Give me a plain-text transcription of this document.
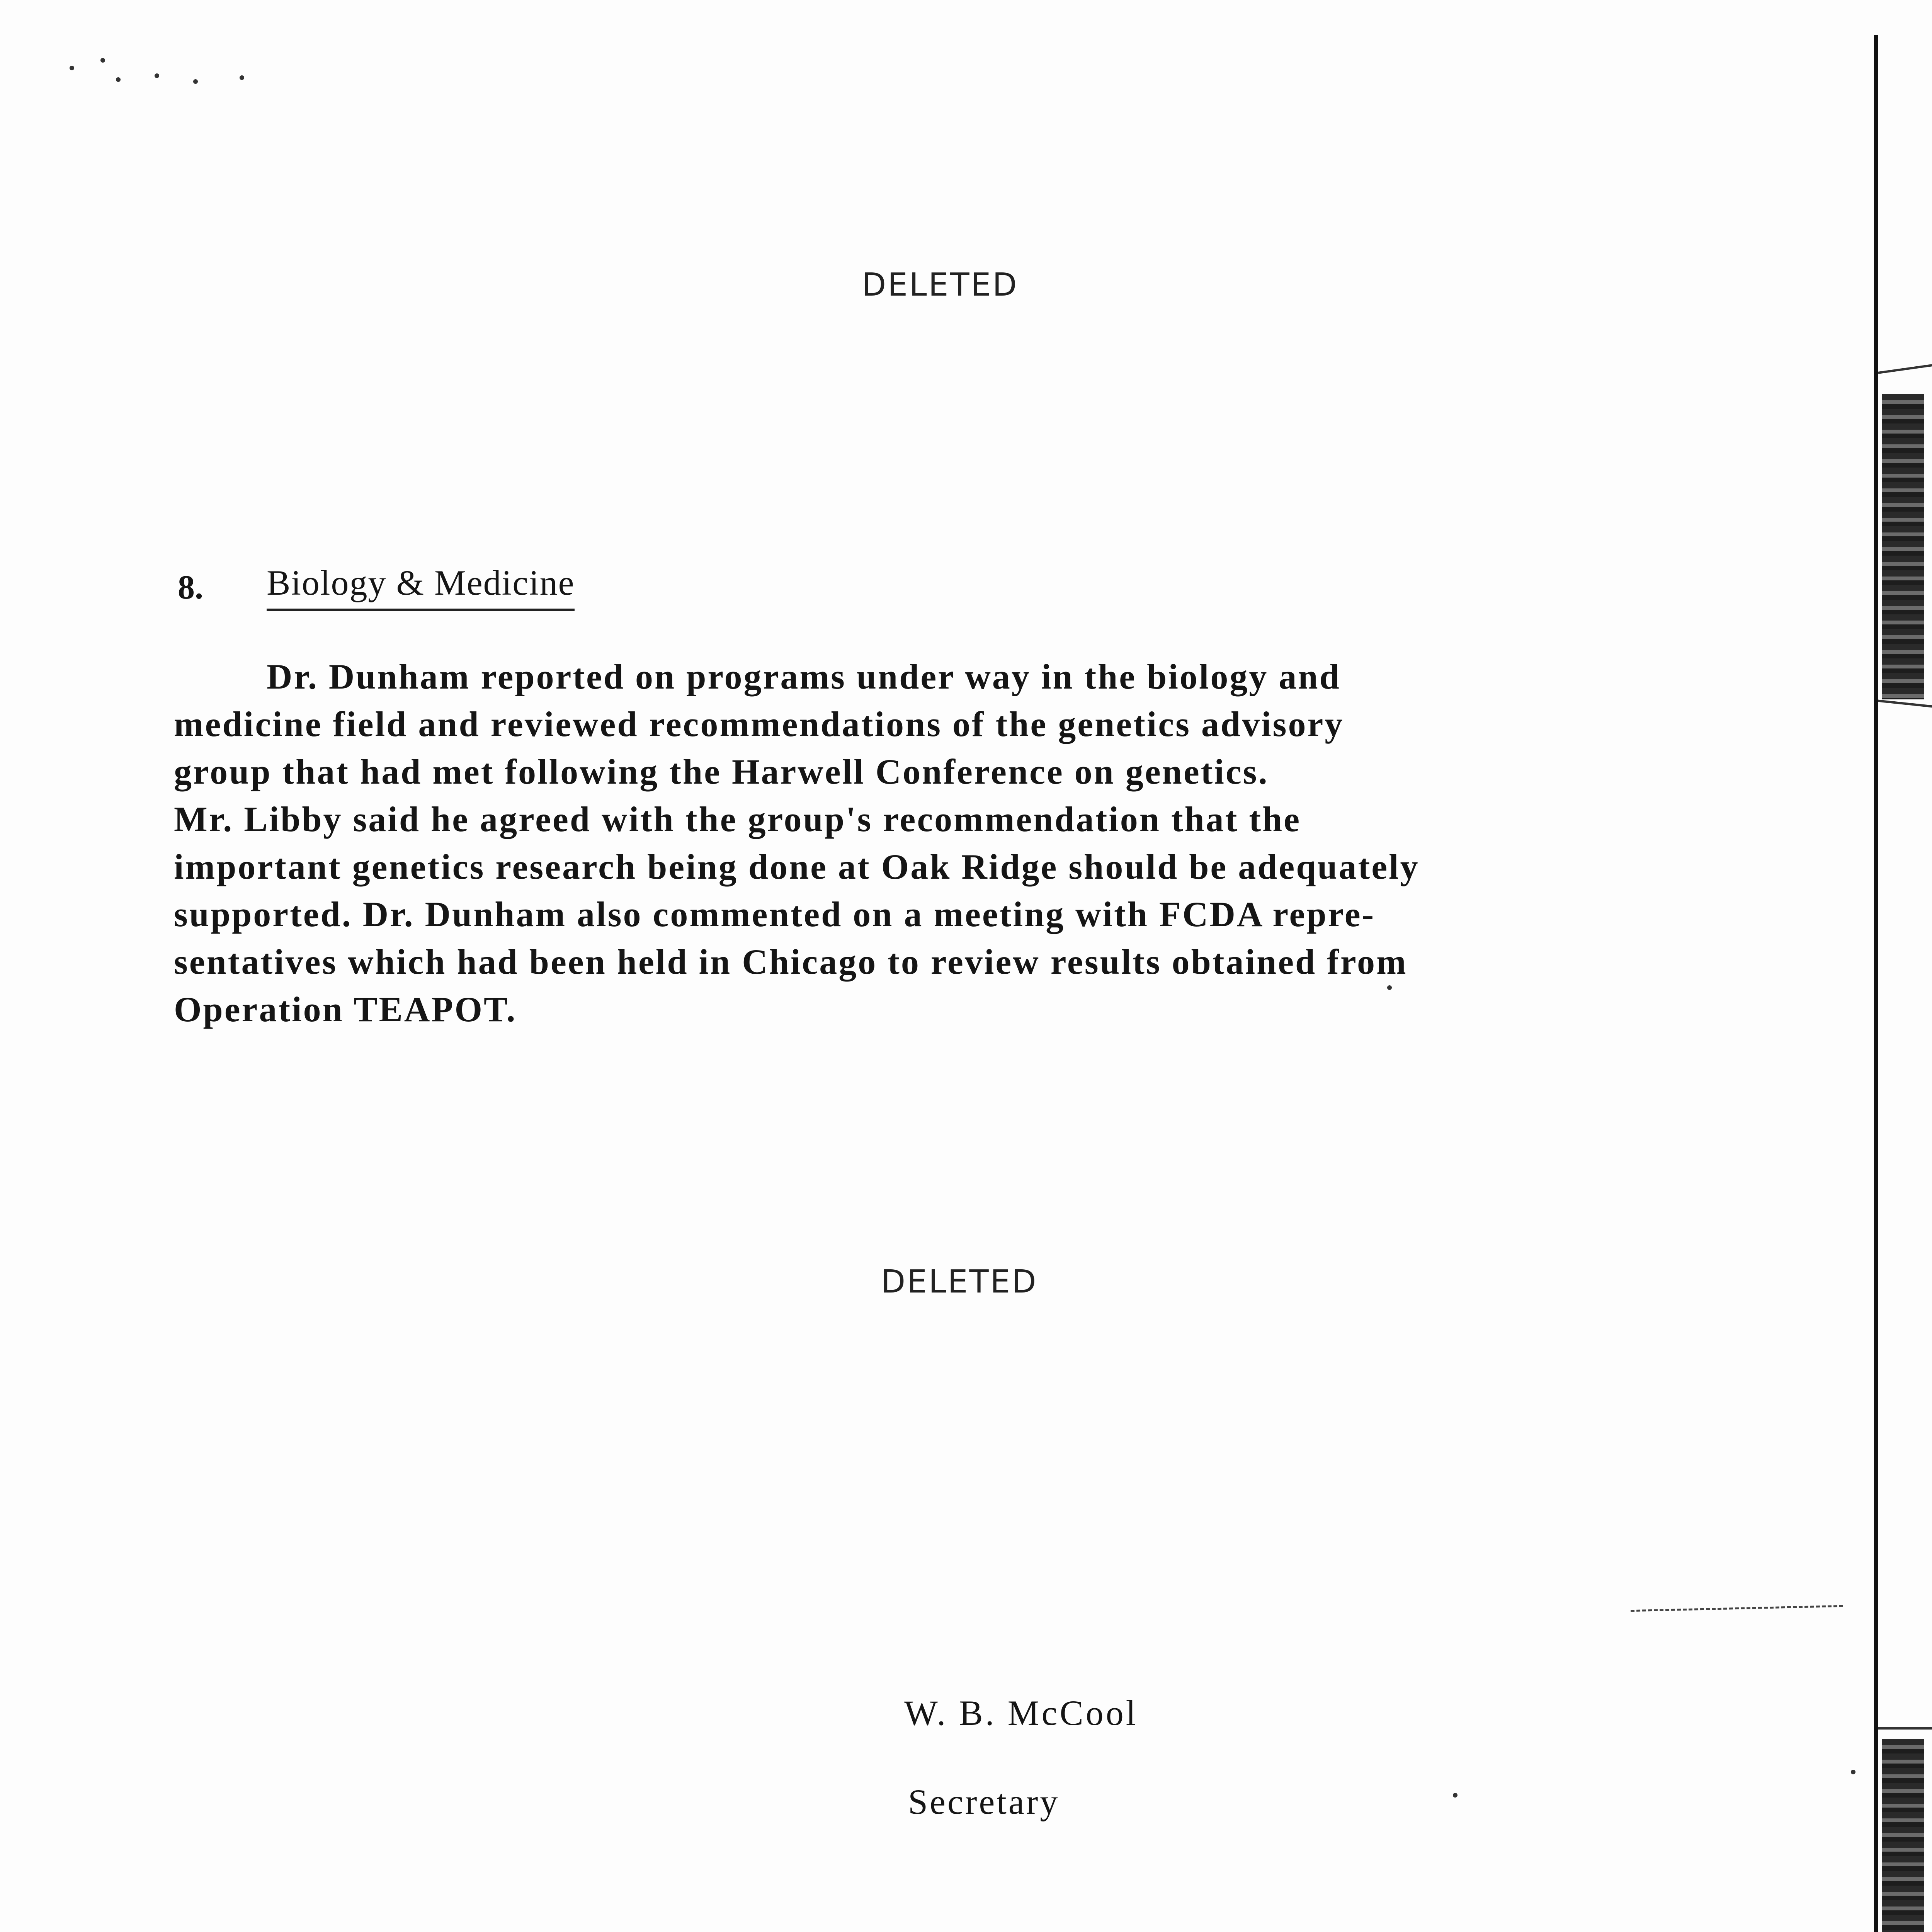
DELETED
8. Biology & Medicine
Dr. Dunham reported on programs under way in the biology and
medicine field and reviewed recommendations of the genetics advisory
group that had met following the Harwell Conference on genetics.
Mr. Libby said he agreed with the group's recommendation that the
important genetics research being done at Oak Ridge should be adequately
supported. Dr. Dunham also commented on a meeting with FCDA repre-
sentatives which had been held in Chicago to review results obtained from
Operation TEAPOT.
DELETED
W. B. McCool
Secretary
